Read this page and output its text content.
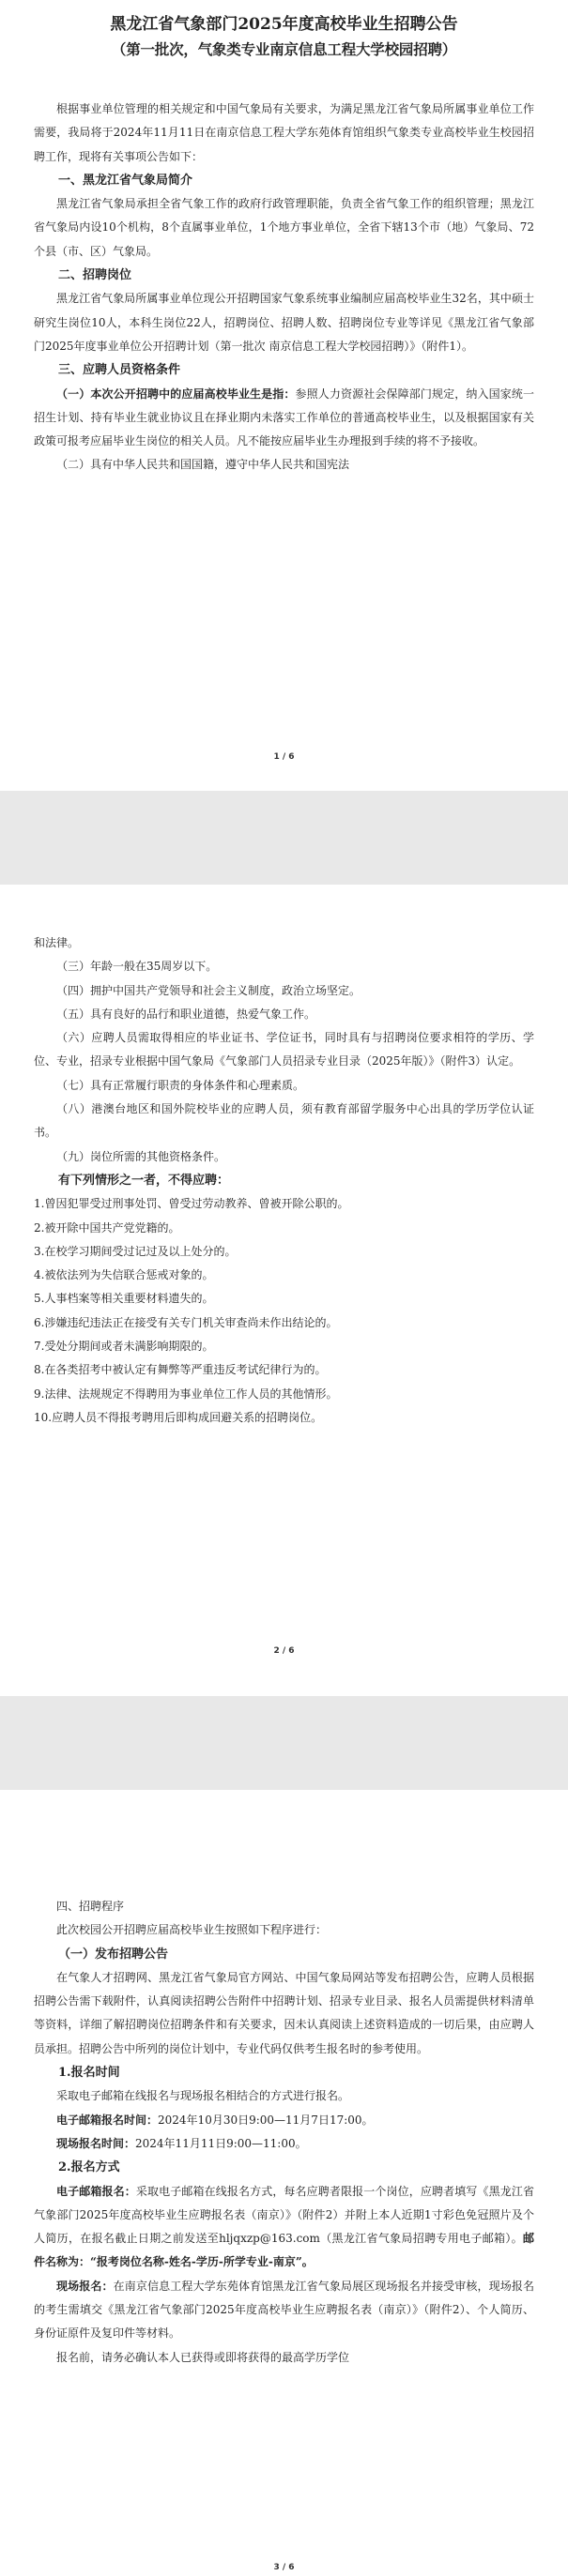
黑龙江省气象部门2025年度高校毕业生招聘公告

（第一批次，气象类专业南京信息工程大学校园招聘）

根据事业单位管理的相关规定和中国气象局有关要求，为满足黑龙江省气象局所属事业单位工作需要，我局将于2024年11月11日在南京信息工程大学东苑体育馆组织气象类专业高校毕业生校园招聘工作，现将有关事项公告如下：

一、黑龙江省气象局简介

黑龙江省气象局承担全省气象工作的政府行政管理职能，负责全省气象工作的组织管理；黑龙江省气象局内设10个机构，8个直属事业单位，1个地方事业单位，全省下辖13个市（地）气象局、72个县（市、区）气象局。

二、招聘岗位

黑龙江省气象局所属事业单位现公开招聘国家气象系统事业编制应届高校毕业生32名，其中硕士研究生岗位10人，本科生岗位22人，招聘岗位、招聘人数、招聘岗位专业等详见《黑龙江省气象部门2025年度事业单位公开招聘计划（第一批次 南京信息工程大学校园招聘）》（附件1）。

三、应聘人员资格条件

（一）本次公开招聘中的应届高校毕业生是指：参照人力资源社会保障部门规定，纳入国家统一招生计划、持有毕业生就业协议且在择业期内未落实工作单位的普通高校毕业生，以及根据国家有关政策可报考应届毕业生岗位的相关人员。凡不能按应届毕业生办理报到手续的将不予接收。

（二）具有中华人民共和国国籍，遵守中华人民共和国宪法

1 / 6

和法律。

（三）年龄一般在35周岁以下。

（四）拥护中国共产党领导和社会主义制度，政治立场坚定。

（五）具有良好的品行和职业道德，热爱气象工作。

（六）应聘人员需取得相应的毕业证书、学位证书，同时具有与招聘岗位要求相符的学历、学位、专业，招录专业根据中国气象局《气象部门人员招录专业目录（2025年版）》（附件3）认定。

（七）具有正常履行职责的身体条件和心理素质。

（八）港澳台地区和国外院校毕业的应聘人员，须有教育部留学服务中心出具的学历学位认证书。

（九）岗位所需的其他资格条件。

有下列情形之一者，不得应聘：

1.曾因犯罪受过刑事处罚、曾受过劳动教养、曾被开除公职的。

2.被开除中国共产党党籍的。

3.在校学习期间受过记过及以上处分的。

4.被依法列为失信联合惩戒对象的。

5.人事档案等相关重要材料遗失的。

6.涉嫌违纪违法正在接受有关专门机关审查尚未作出结论的。

7.受处分期间或者未满影响期限的。

8.在各类招考中被认定有舞弊等严重违反考试纪律行为的。

9.法律、法规规定不得聘用为事业单位工作人员的其他情形。

10.应聘人员不得报考聘用后即构成回避关系的招聘岗位。

2 / 6

四、招聘程序

此次校园公开招聘应届高校毕业生按照如下程序进行：

（一）发布招聘公告

在气象人才招聘网、黑龙江省气象局官方网站、中国气象局网站等发布招聘公告，应聘人员根据招聘公告需下载附件，认真阅读招聘公告附件中招聘计划、招录专业目录、报名人员需提供材料清单等资料，详细了解招聘岗位招聘条件和有关要求，因未认真阅读上述资料造成的一切后果，由应聘人员承担。招聘公告中所列的岗位计划中，专业代码仅供考生报名时的参考使用。

1.报名时间

采取电子邮箱在线报名与现场报名相结合的方式进行报名。

电子邮箱报名时间：2024年10月30日9:00—11月7日17:00。

现场报名时间：2024年11月11日9:00—11:00。

2.报名方式

电子邮箱报名：采取电子邮箱在线报名方式，每名应聘者限报一个岗位，应聘者填写《黑龙江省气象部门2025年度高校毕业生应聘报名表（南京）》（附件2）并附上本人近期1寸彩色免冠照片及个人简历，在报名截止日期之前发送至hljqxzp@163.com（黑龙江省气象局招聘专用电子邮箱）。邮件名称为：“报考岗位名称-姓名-学历-所学专业-南京”。

现场报名：在南京信息工程大学东苑体育馆黑龙江省气象局展区现场报名并接受审核，现场报名的考生需填交《黑龙江省气象部门2025年度高校毕业生应聘报名表（南京）》（附件2）、个人简历、身份证原件及复印件等材料。

报名前，请务必确认本人已获得或即将获得的最高学历学位

3 / 6
